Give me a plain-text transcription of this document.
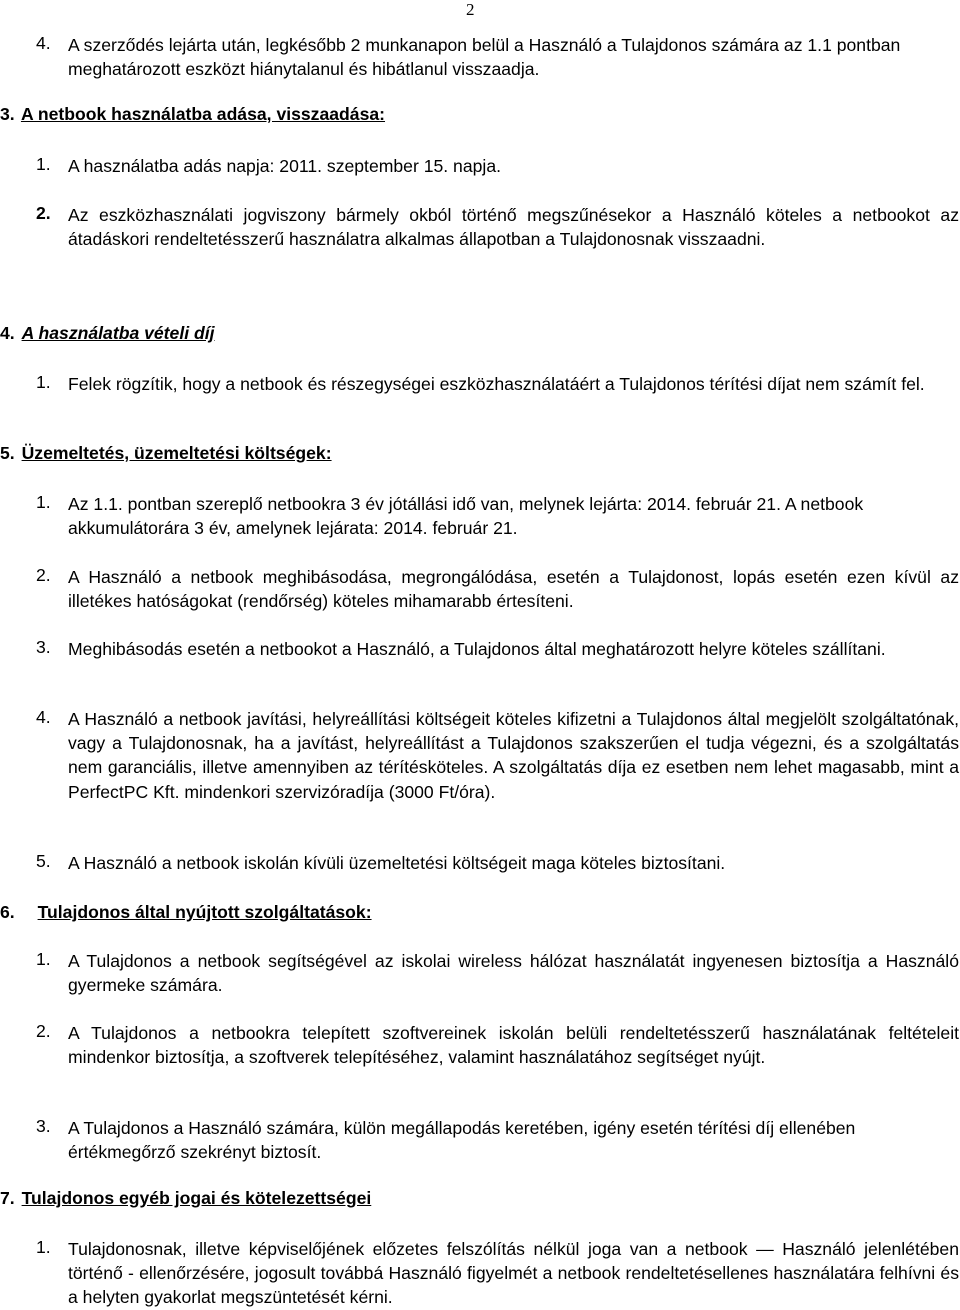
2
4. A szerződés lejárta után, legkésőbb 2 munkanapon belül a Használó a Tulajdonos számára az 1.1 pontban meghatározott eszközt hiánytalanul és hibátlanul visszaadja.
3. A netbook használatba adása, visszaadása:
1. A használatba adás napja: 2011. szeptember 15. napja.
2. Az eszközhasználati jogviszony bármely okból történő megszűnésekor a Használó köteles a netbookot az átadáskori rendeltetésszerű használatra alkalmas állapotban a Tulajdonosnak visszaadni.
4. A használatba vételi díj
1. Felek rögzítik, hogy a netbook és részegységei eszközhasználatáért a Tulajdonos térítési díjat nem számít fel.
5. Üzemeltetés, üzemeltetési költségek:
1. Az 1.1. pontban szereplő netbookra 3 év jótállási idő van, melynek lejárta: 2014. február 21. A netbook akkumulátorára 3 év, amelynek lejárata: 2014. február 21.
2. A Használó a netbook meghibásodása, megrongálódása, esetén a Tulajdonost, lopás esetén ezen kívül az illetékes hatóságokat (rendőrség) köteles mihamarabb értesíteni.
3. Meghibásodás esetén a netbookot a Használó, a Tulajdonos által meghatározott helyre köteles szállítani.
4. A Használó a netbook javítási, helyreállítási költségeit köteles kifizetni a Tulajdonos által megjelölt szolgáltatónak, vagy a Tulajdonosnak, ha a javítást, helyreállítást a Tulajdonos szakszerűen el tudja végezni, és a szolgáltatás nem garanciális, illetve amennyiben az térítésköteles. A szolgáltatás díja ez esetben nem lehet magasabb, mint a PerfectPC Kft. mindenkori szervizóradíja (3000 Ft/óra).
5. A Használó a netbook iskolán kívüli üzemeltetési költségeit maga köteles biztosítani.
6. Tulajdonos által nyújtott szolgáltatások:
1. A Tulajdonos a netbook segítségével az iskolai wireless hálózat használatát ingyenesen biztosítja a Használó gyermeke számára.
2. A Tulajdonos a netbookra telepített szoftvereinek iskolán belüli rendeltetésszerű használatának feltételeit mindenkor biztosítja, a szoftverek telepítéséhez, valamint használatához segítséget nyújt.
3. A Tulajdonos a Használó számára, külön megállapodás keretében, igény esetén térítési díj ellenében értékmegőrző szekrényt biztosít.
7. Tulajdonos egyéb jogai és kötelezettségei
1. Tulajdonosnak, illetve képviselőjének előzetes felszólítás nélkül joga van a netbook — Használó jelenlétében történő - ellenőrzésére, jogosult továbbá Használó figyelmét a netbook rendeltetésellenes használatára felhívni és a helyten gyakorlat megszüntetését kérni.
